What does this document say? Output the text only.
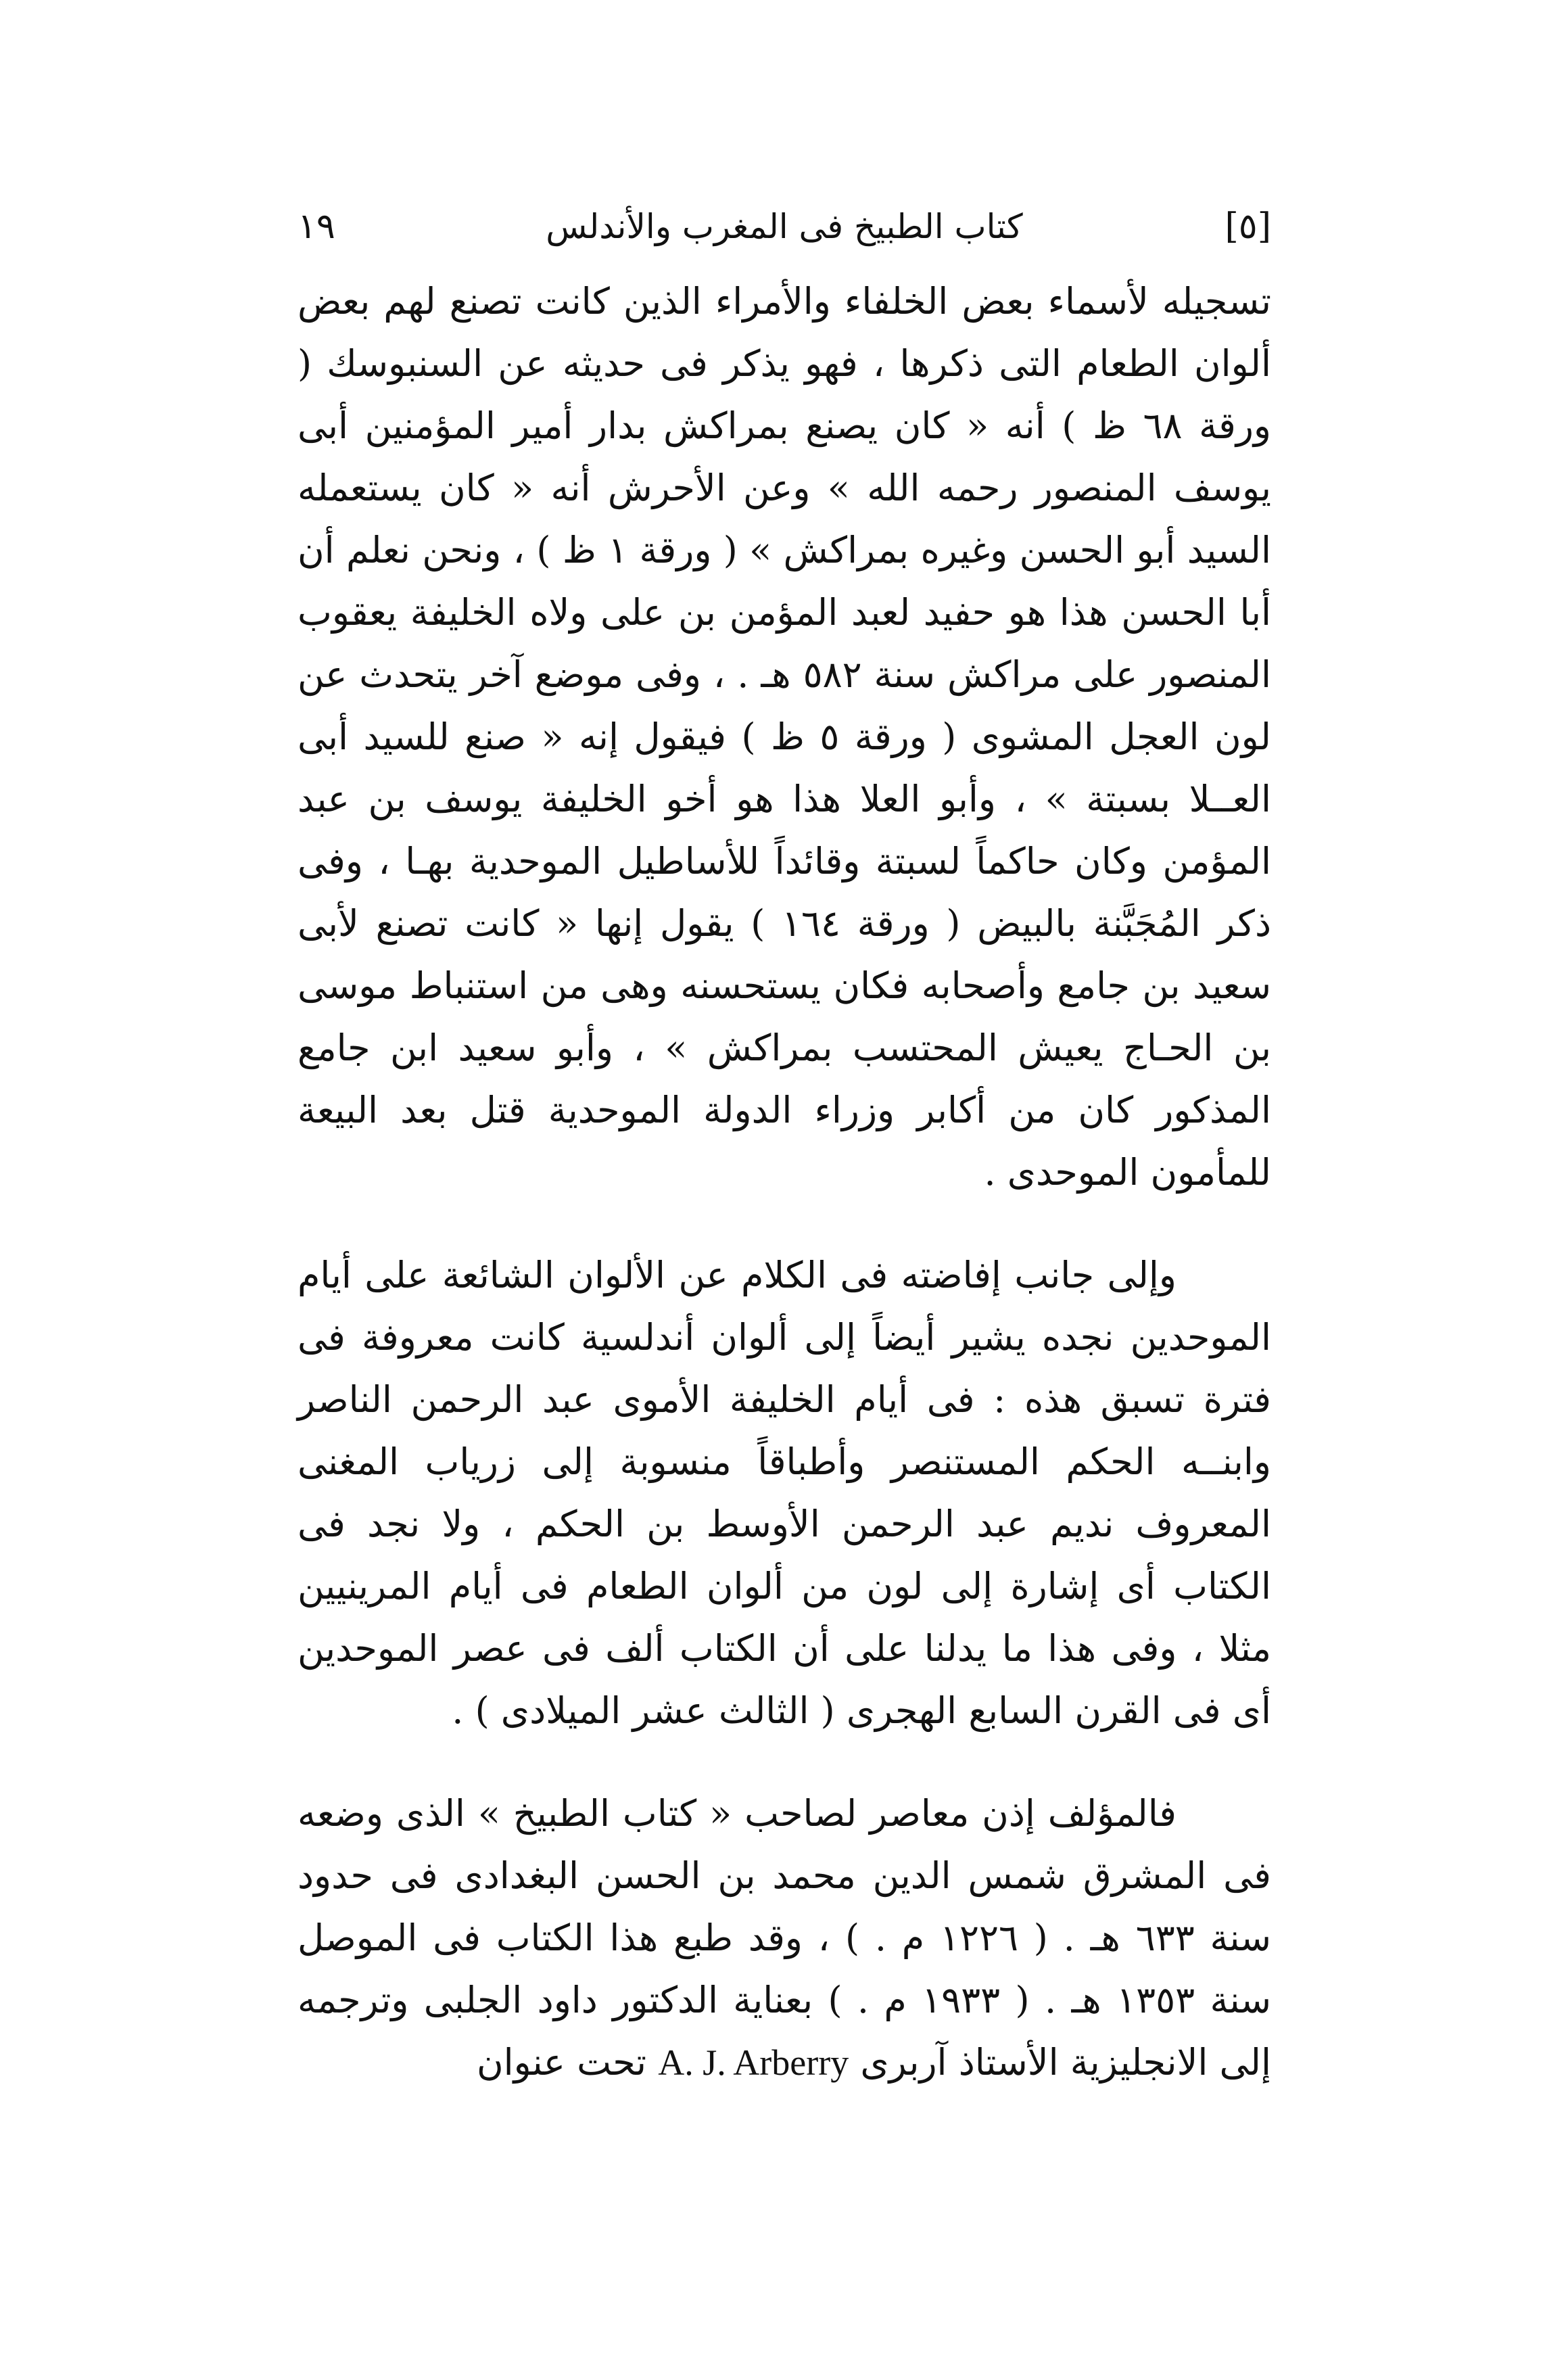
١٩	كتاب الطبيخ فى المغرب والأندلس	[٥]

تسجيله لأسماء بعض الخلفاء والأمراء الذين كانت تصنع لهم بعض ألوان الطعام التى ذكرها ، فهو يذكر فى حديثه عن السنبوسك ( ورقة ٦٨ ظ ) أنه « كان يصنع بمراكش بدار أمير المؤمنين أبى يوسف المنصور رحمه الله » وعن الأحرش أنه « كان يستعمله السيد أبو الحسن وغيره بمراكش » ( ورقة ١ ظ ) ، ونحن نعلم أن أبا الحسن هذا هو حفيد لعبد المؤمن بن على ولاه الخليفة يعقوب المنصور على مراكش سنة ٥٨٢ هـ . ، وفى موضع آخر يتحدث عن لون العجل المشوى ( ورقة ٥ ظ ) فيقول إنه « صنع للسيد أبى العــلا بسبتة » ، وأبو العلا هذا هو أخو الخليفة يوسف بن عبد المؤمن وكان حاكماً لسبتة وقائداً للأساطيل الموحدية بهـا ، وفى ذكر المُجَبَّنة بالبيض ( ورقة ١٦٤ ) يقول إنها « كانت تصنع لأبى سعيد بن جامع وأصحابه فكان يستحسنه وهى من استنباط موسى بن الحـاج يعيش المحتسب بمراكش » ، وأبو سعيد ابن جامع المذكور كان من أكابر وزراء الدولة الموحدية قتل بعد البيعة للمأمون الموحدى .

وإلى جانب إفاضته فى الكلام عن الألوان الشائعة على أيام الموحدين نجده يشير أيضاً إلى ألوان أندلسية كانت معروفة فى فترة تسبق هذه : فى أيام الخليفة الأموى عبد الرحمن الناصر وابنــه الحكم المستنصر وأطباقاً منسوبة إلى زرياب المغنى المعروف نديم عبد الرحمن الأوسط بن الحكم ، ولا نجد فى الكتاب أى إشارة إلى لون من ألوان الطعام فى أيام المرينيين مثلا ، وفى هذا ما يدلنا على أن الكتاب ألف فى عصر الموحدين أى فى القرن السابع الهجرى ( الثالث عشر الميلادى ) .

فالمؤلف إذن معاصر لصاحب « كتاب الطبيخ » الذى وضعه فى المشرق شمس الدين محمد بن الحسن البغدادى فى حدود سنة ٦٣٣ هـ . ( ١٢٢٦ م . ) ، وقد طبع هذا الكتاب فى الموصل سنة ١٣٥٣ هـ . ( ١٩٣٣ م . ) بعناية الدكتور داود الجلبى وترجمه إلى الانجليزية الأستاذ آربرى A. J. Arberry تحت عنوان
